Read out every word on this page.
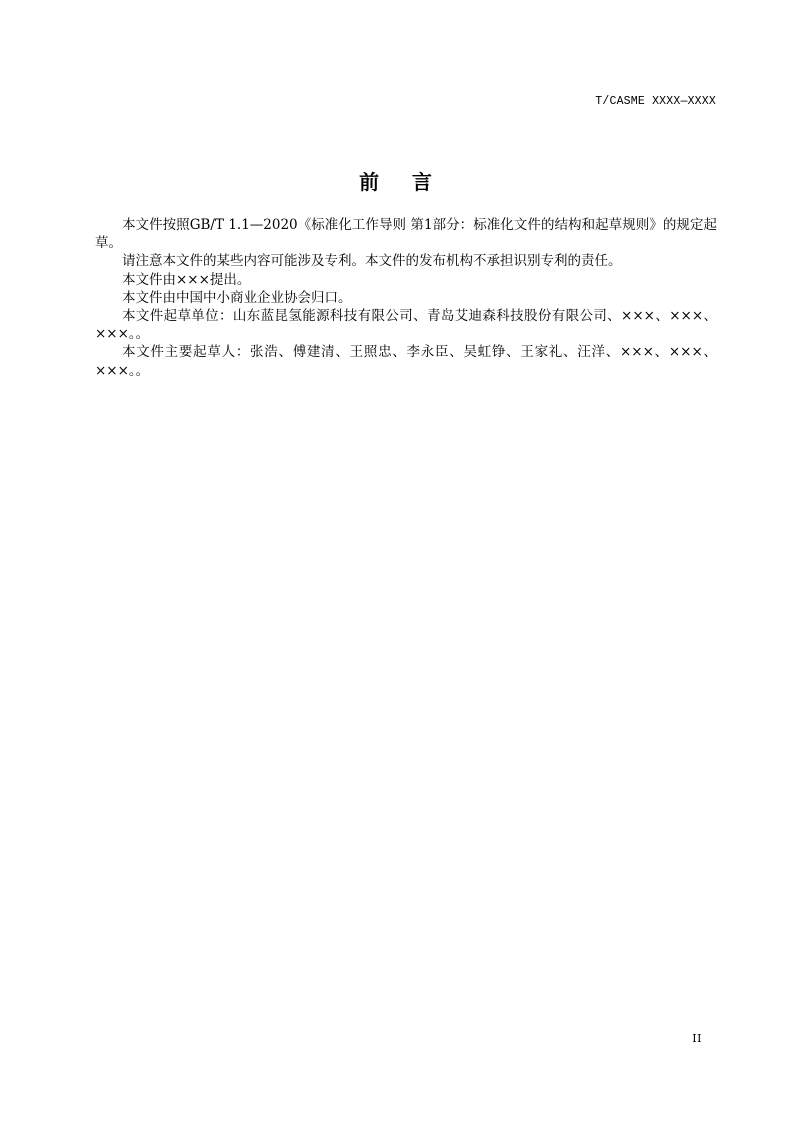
T/CASME XXXX—XXXX
前    言

本文件按照GB/T 1.1—2020《标准化工作导则 第1部分：标准化文件的结构和起草规则》的规定起草。

请注意本文件的某些内容可能涉及专利。本文件的发布机构不承担识别专利的责任。

本文件由×××提出。

本文件由中国中小商业企业协会归口。

本文件起草单位：山东蓝昆氢能源科技有限公司、青岛艾迪森科技股份有限公司、×××、×××、×××。。

本文件主要起草人：张浩、傅建清、王照忠、李永臣、吴虹铮、王家礼、汪洋、×××、×××、×××。。

II
